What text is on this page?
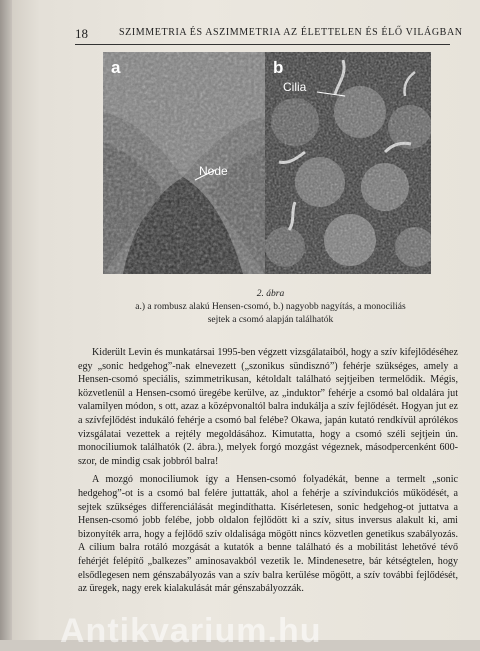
18	SZIMMETRIA ÉS ASZIMMETRIA AZ ÉLETTELEN ÉS ÉLŐ VILÁGBAN
a
Node
b
Cilia
2. ábra
a.) a rombusz alakú Hensen-csomó, b.) nagyobb nagyítás, a monociliás
sejtek a csomó alapján találhatók

Kiderült Levin és munkatársai 1995-ben végzett vizsgálataiból, hogy a szív kifejlődéséhez egy „sonic hedgehog”-nak elnevezett („szonikus sündisznó”) fehérje szükséges, amely a Hensen-csomó speciális, szimmetrikusan, kétoldalt található sejtjeiben termelődik. Mégis, közvetlenül a Hensen-csomó üregébe kerülve, az „induktor” fehérje a csomó bal oldalára jut valamilyen módon, s ott, azaz a középvonaltól balra indukálja a szív fejlődését. Hogyan jut ez a szívfejlődést indukáló fehérje a csomó bal felébe? Okawa, japán kutató rendkívül aprólékos vizsgálatai vezettek a rejtély megoldásához. Kimutatta, hogy a csomó széli sejtjein ún. monociliumok találhatók (2. ábra.), melyek forgó mozgást végeznek, másodpercenként 600-szor, de mindig csak jobbról balra!

A mozgó monociliumok így a Hensen-csomó folyadékát, benne a termelt „sonic hedgehog”-ot is a csomó bal felére juttatták, ahol a fehérje a szívindukciós működését, a sejtek szükséges differenciálását megindíthatta. Kísérletesen, sonic hedgehog-ot juttatva a Hensen-csomó jobb felébe, jobb oldalon fejlődött ki a szív, situs inversus alakult ki, ami bizonyíték arra, hogy a fejlődő szív oldalisága mögött nincs közvetlen genetikus szabályozás. A cilium balra rotáló mozgását a kutatók a benne található és a mobilitást lehetővé tévő fehérjét felépítő „balkezes” aminosavakból vezetik le. Mindenesetre, bár kétségtelen, hogy elsődlegesen nem génszabályozás van a szív balra kerülése mögött, a szív további fejlődését, az üregek, nagy erek kialakulását már génszabályozzák.

Antikvarium.hu
